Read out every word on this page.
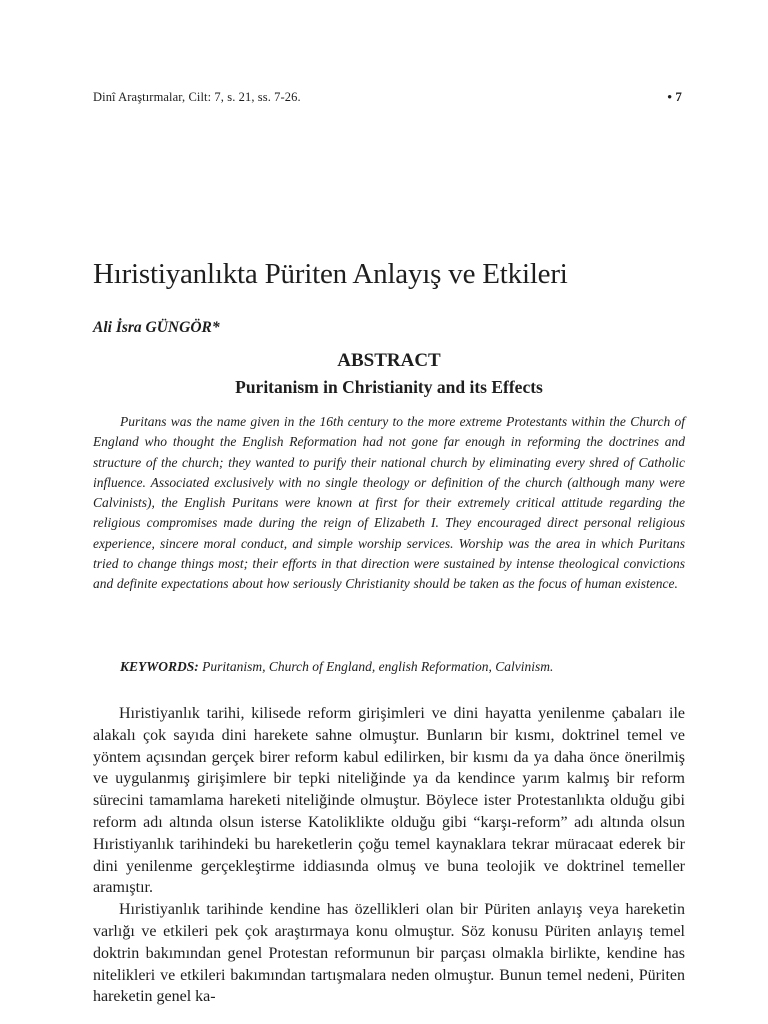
Dinî Araştırmalar, Cilt: 7, s. 21, ss. 7-26.	• 7
Hıristiyanlıkta Püriten Anlayış ve Etkileri
Ali İsra GÜNGÖR*
ABSTRACT
Puritanism in Christianity and its Effects

Puritans was the name given in the 16th century to the more extreme Protestants within the Church of England who thought the English Reformation had not gone far enough in reforming the doctrines and structure of the church; they wanted to purify their national church by eliminating every shred of Catholic influence. Associated exclusively with no single theology or definition of the church (although many were Calvinists), the English Puritans were known at first for their extremely critical attitude regarding the religious compromises made during the reign of Elizabeth I. They encouraged direct personal religious experience, sincere moral conduct, and simple worship services. Worship was the area in which Puritans tried to change things most; their efforts in that direction were sustained by intense theological convictions and definite expectations about how seriously Christianity should be taken as the focus of human existence.

KEYWORDS: Puritanism, Church of England, english Reformation, Calvinism.

Hıristiyanlık tarihi, kilisede reform girişimleri ve dini hayatta yenilenme çabaları ile alakalı çok sayıda dini harekete sahne olmuştur. Bunların bir kısmı, doktrinel temel ve yöntem açısından gerçek birer reform kabul edilirken, bir kısmı da ya daha önce önerilmiş ve uygulanmış girişimlere bir tepki niteliğinde ya da kendince yarım kalmış bir reform sürecini tamamlama hareketi niteliğinde olmuştur. Böylece ister Protestanlıkta olduğu gibi reform adı altında olsun isterse Katoliklikte olduğu gibi “karşı-reform” adı altında olsun Hıristiyanlık tarihindeki bu hareketlerin çoğu temel kaynaklara tekrar müracaat ederek bir dini yenilenme gerçekleştirme iddiasında olmuş ve buna teolojik ve doktrinel temeller aramıştır.

Hıristiyanlık tarihinde kendine has özellikleri olan bir Püriten anlayış veya hareketin varlığı ve etkileri pek çok araştırmaya konu olmuştur. Söz konusu Püriten anlayış temel doktrin bakımından genel Protestan reformunun bir parçası olmakla birlikte, kendine has nitelikleri ve etkileri bakımından tartışmalara neden olmuştur. Bunun temel nedeni, Püriten hareketin genel ka-
